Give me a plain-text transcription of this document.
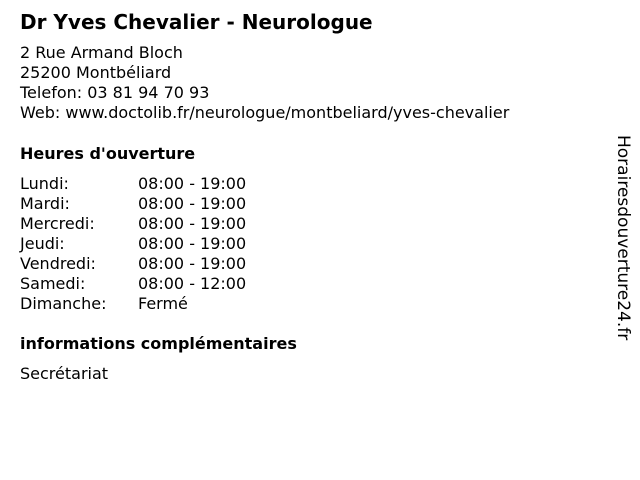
Dr Yves Chevalier - Neurologue
2 Rue Armand Bloch
25200 Montbéliard
Telefon: 03 81 94 70 93
Web: www.doctolib.fr/neurologue/montbeliard/yves-chevalier
Heures d'ouverture
Lundi:	08:00 - 19:00
Mardi:	08:00 - 19:00
Mercredi:	08:00 - 19:00
Jeudi:	08:00 - 19:00
Vendredi:	08:00 - 19:00
Samedi:	08:00 - 12:00
Dimanche: Fermé
informations complémentaires
Secrétariat
Horairesdouverture24.fr
